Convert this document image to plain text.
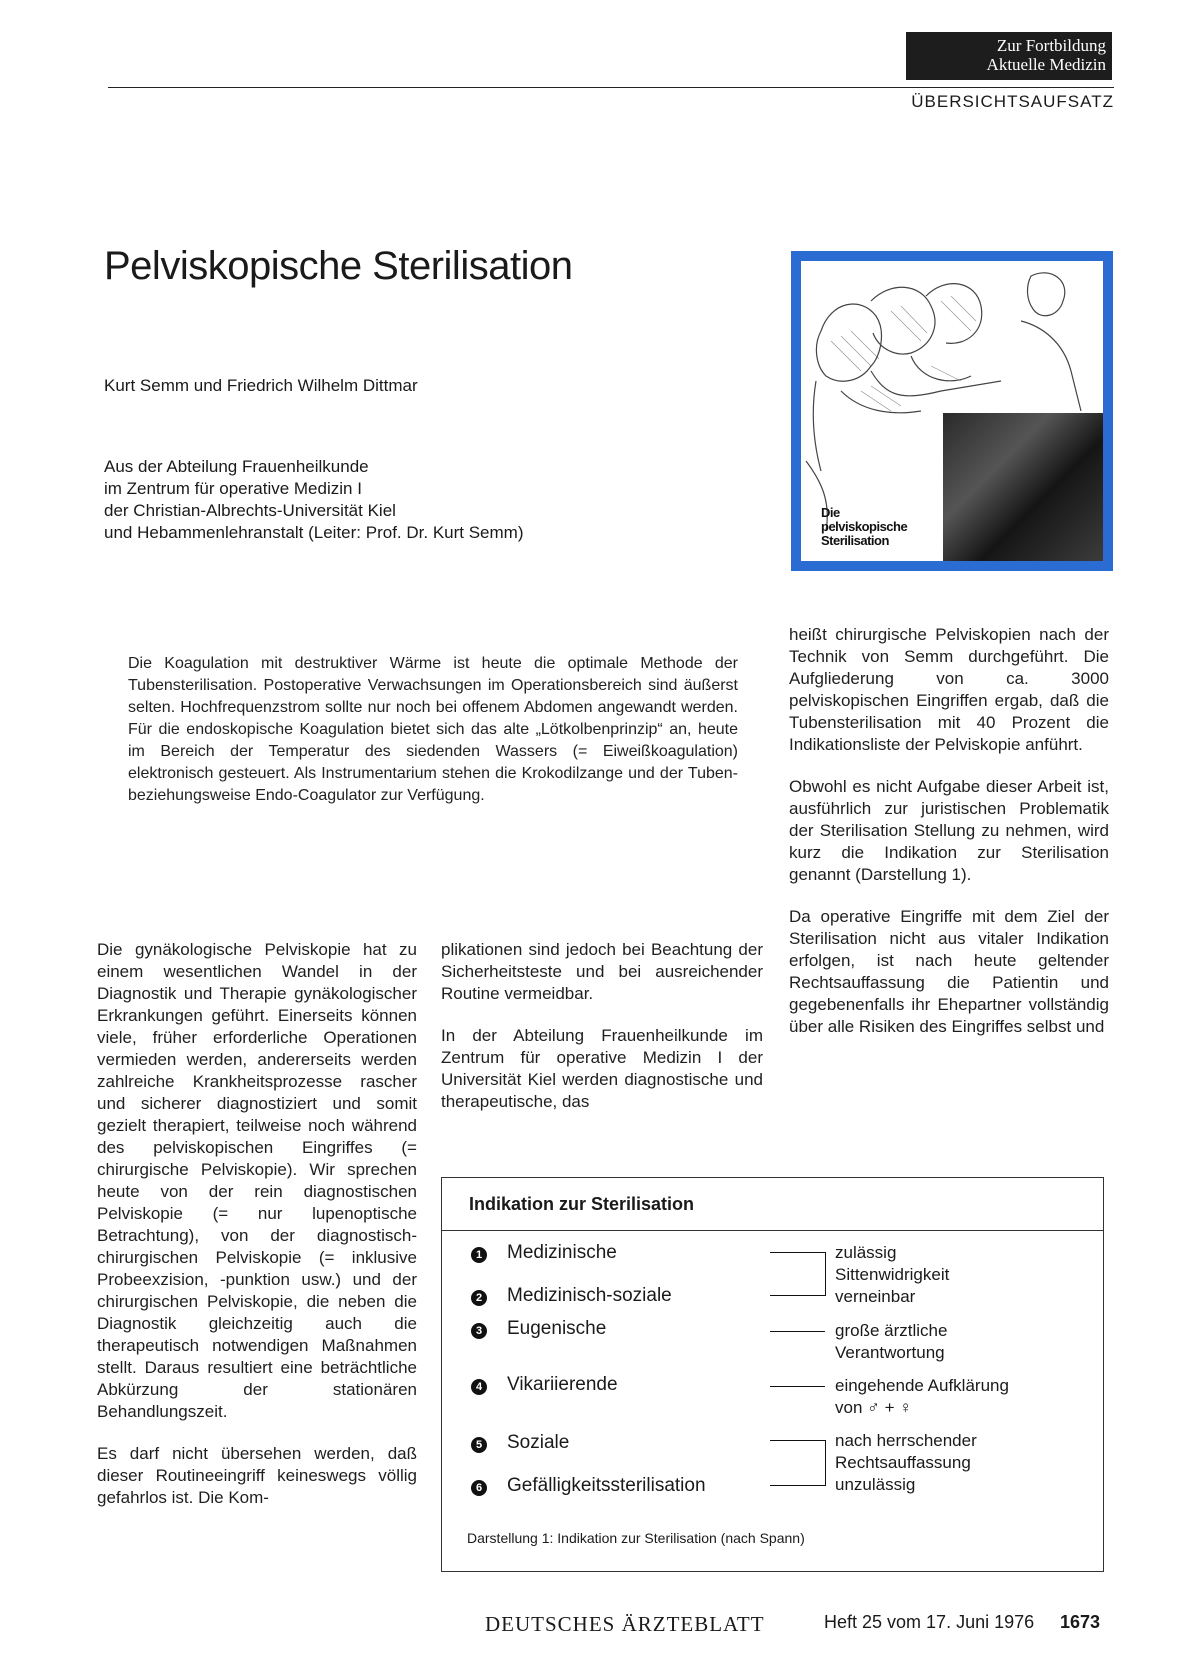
Zur Fortbildung
Aktuelle Medizin
ÜBERSICHTSAUFSATZ
Pelviskopische Sterilisation
Kurt Semm und Friedrich Wilhelm Dittmar
Aus der Abteilung Frauenheilkunde
im Zentrum für operative Medizin I
der Christian-Albrechts-Universität Kiel
und Hebammenlehranstalt (Leiter: Prof. Dr. Kurt Semm)
Die
pelviskopische
Sterilisation
Die Koagulation mit destruktiver Wärme ist heute die optimale Methode der Tubensterilisation. Postoperative Verwachsungen im Operationsbereich sind äußerst selten. Hochfrequenzstrom sollte nur noch bei offenem Abdomen angewandt werden. Für die endoskopische Koagulation bietet sich das alte „Lötkolbenprinzip“ an, heute im Bereich der Temperatur des siedenden Wassers (= Eiweißkoagulation) elektronisch gesteuert. Als Instrumentarium stehen die Krokodilzange und der Tuben- beziehungsweise Endo-Coagulator zur Verfügung.

Die gynäkologische Pelviskopie hat zu einem wesentlichen Wandel in der Diagnostik und Therapie gynäkologischer Erkrankungen geführt. Einerseits können viele, früher erforderliche Operationen vermieden werden, andererseits werden zahlreiche Krankheitsprozesse rascher und sicherer diagnostiziert und somit gezielt therapiert, teilweise noch während des pelviskopischen Eingriffes (= chirurgische Pelviskopie). Wir sprechen heute von der rein diagnostischen Pelviskopie (= nur lupenoptische Betrachtung), von der diagnostisch-chirurgischen Pelviskopie (= inklusive Probeexzision, -punktion usw.) und der chirurgischen Pelviskopie, die neben die Diagnostik gleichzeitig auch die therapeutisch notwendigen Maßnahmen stellt. Daraus resultiert eine beträchtliche Abkürzung der stationären Behandlungszeit.

Es darf nicht übersehen werden, daß dieser Routineeingriff keineswegs völlig gefahrlos ist. Die Kom-

plikationen sind jedoch bei Beachtung der Sicherheitsteste und bei ausreichender Routine vermeidbar.

In der Abteilung Frauenheilkunde im Zentrum für operative Medizin I der Universität Kiel werden diagnostische und therapeutische, das

heißt chirurgische Pelviskopien nach der Technik von Semm durchgeführt. Die Aufgliederung von ca. 3000 pelviskopischen Eingriffen ergab, daß die Tubensterilisation mit 40 Prozent die Indikationsliste der Pelviskopie anführt.

Obwohl es nicht Aufgabe dieser Arbeit ist, ausführlich zur juristischen Problematik der Sterilisation Stellung zu nehmen, wird kurz die Indikation zur Sterilisation genannt (Darstellung 1).

Da operative Eingriffe mit dem Ziel der Sterilisation nicht aus vitaler Indikation erfolgen, ist nach heute geltender Rechtsauffassung die Patientin und gegebenenfalls ihr Ehepartner vollständig über alle Risiken des Eingriffes selbst und

Indikation zur Sterilisation
1 Medizinische
2 Medizinisch-soziale
3 Eugenische
4 Vikariierende
5 Soziale
6 Gefälligkeitssterilisation
zulässig
Sittenwidrigkeit
verneinbar
große ärztliche
Verantwortung
eingehende Aufklärung
von ♂ + ♀
nach herrschender
Rechtsauffassung
unzulässig
Darstellung 1: Indikation zur Sterilisation (nach Spann)
DEUTSCHES ÄRZTEBLATT	Heft 25 vom 17. Juni 1976 1673
